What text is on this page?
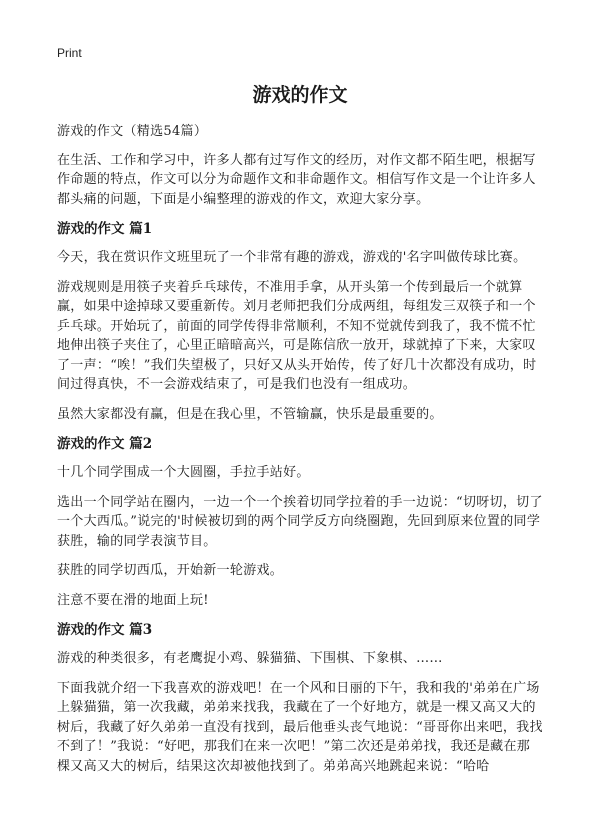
Print
游戏的作文

游戏的作文（精选54篇）

在生活、工作和学习中，许多人都有过写作文的经历，对作文都不陌生吧，根据写作命题的特点，作文可以分为命题作文和非命题作文。相信写作文是一个让许多人都头痛的问题，下面是小编整理的游戏的作文，欢迎大家分享。

游戏的作文 篇1

今天，我在赏识作文班里玩了一个非常有趣的游戏，游戏的'名字叫做传球比赛。

游戏规则是用筷子夹着乒乓球传，不准用手拿，从开头第一个传到最后一个就算赢，如果中途掉球又要重新传。刘月老师把我们分成两组，每组发三双筷子和一个乒乓球。开始玩了，前面的同学传得非常顺利，不知不觉就传到我了，我不慌不忙地伸出筷子夹住了，心里正暗暗高兴，可是陈信欣一放开，球就掉了下来，大家叹了一声：“唉！”我们失望极了，只好又从头开始传，传了好几十次都没有成功，时间过得真快，不一会游戏结束了，可是我们也没有一组成功。

虽然大家都没有赢，但是在我心里，不管输赢，快乐是最重要的。

游戏的作文 篇2

十几个同学围成一个大圆圈，手拉手站好。

选出一个同学站在圈内，一边一个一个挨着切同学拉着的手一边说：“切呀切，切了一个大西瓜。”说完的'时候被切到的两个同学反方向绕圈跑，先回到原来位置的同学获胜，输的同学表演节目。

获胜的同学切西瓜，开始新一轮游戏。

注意不要在滑的地面上玩!

游戏的作文 篇3

游戏的种类很多，有老鹰捉小鸡、躲猫猫、下围棋、下象棋、……

下面我就介绍一下我喜欢的游戏吧！在一个风和日丽的下午，我和我的'弟弟在广场上躲猫猫，第一次我藏，弟弟来找我，我藏在了一个好地方，就是一棵又高又大的树后，我藏了好久弟弟一直没有找到，最后他垂头丧气地说：“哥哥你出来吧，我找不到了！”我说：“好吧，那我们在来一次吧！”第二次还是弟弟找，我还是藏在那棵又高又大的树后，结果这次却被他找到了。弟弟高兴地跳起来说：“哈哈
